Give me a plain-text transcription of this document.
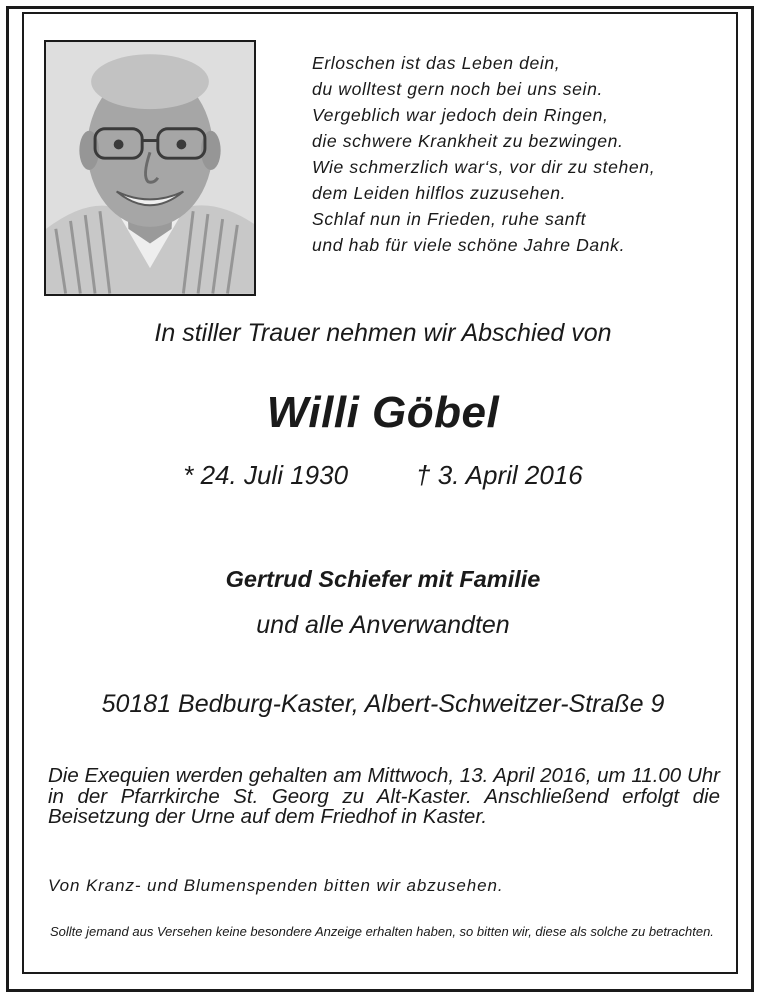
Erloschen ist das Leben dein,
du wolltest gern noch bei uns sein.
Vergeblich war jedoch dein Ringen,
die schwere Krankheit zu bezwingen.
Wie schmerzlich war‘s, vor dir zu stehen,
dem Leiden hilflos zuzusehen.
Schlaf nun in Frieden, ruhe sanft
und hab für viele schöne Jahre Dank.
In stiller Trauer nehmen wir Abschied von
Willi Göbel
* 24. Juli 1930	† 3. April 2016
Gertrud Schiefer mit Familie
und alle Anverwandten
50181 Bedburg-Kaster, Albert-Schweitzer-Straße 9
Die Exequien werden gehalten am Mittwoch, 13. April 2016, um 11.00 Uhr in der Pfarrkirche St. Georg zu Alt-Kaster. Anschließend erfolgt die Beisetzung der Urne auf dem Friedhof in Kaster.
Von Kranz- und Blumenspenden bitten wir abzusehen.
Sollte jemand aus Versehen keine besondere Anzeige erhalten haben, so bitten wir, diese als solche zu betrachten.
